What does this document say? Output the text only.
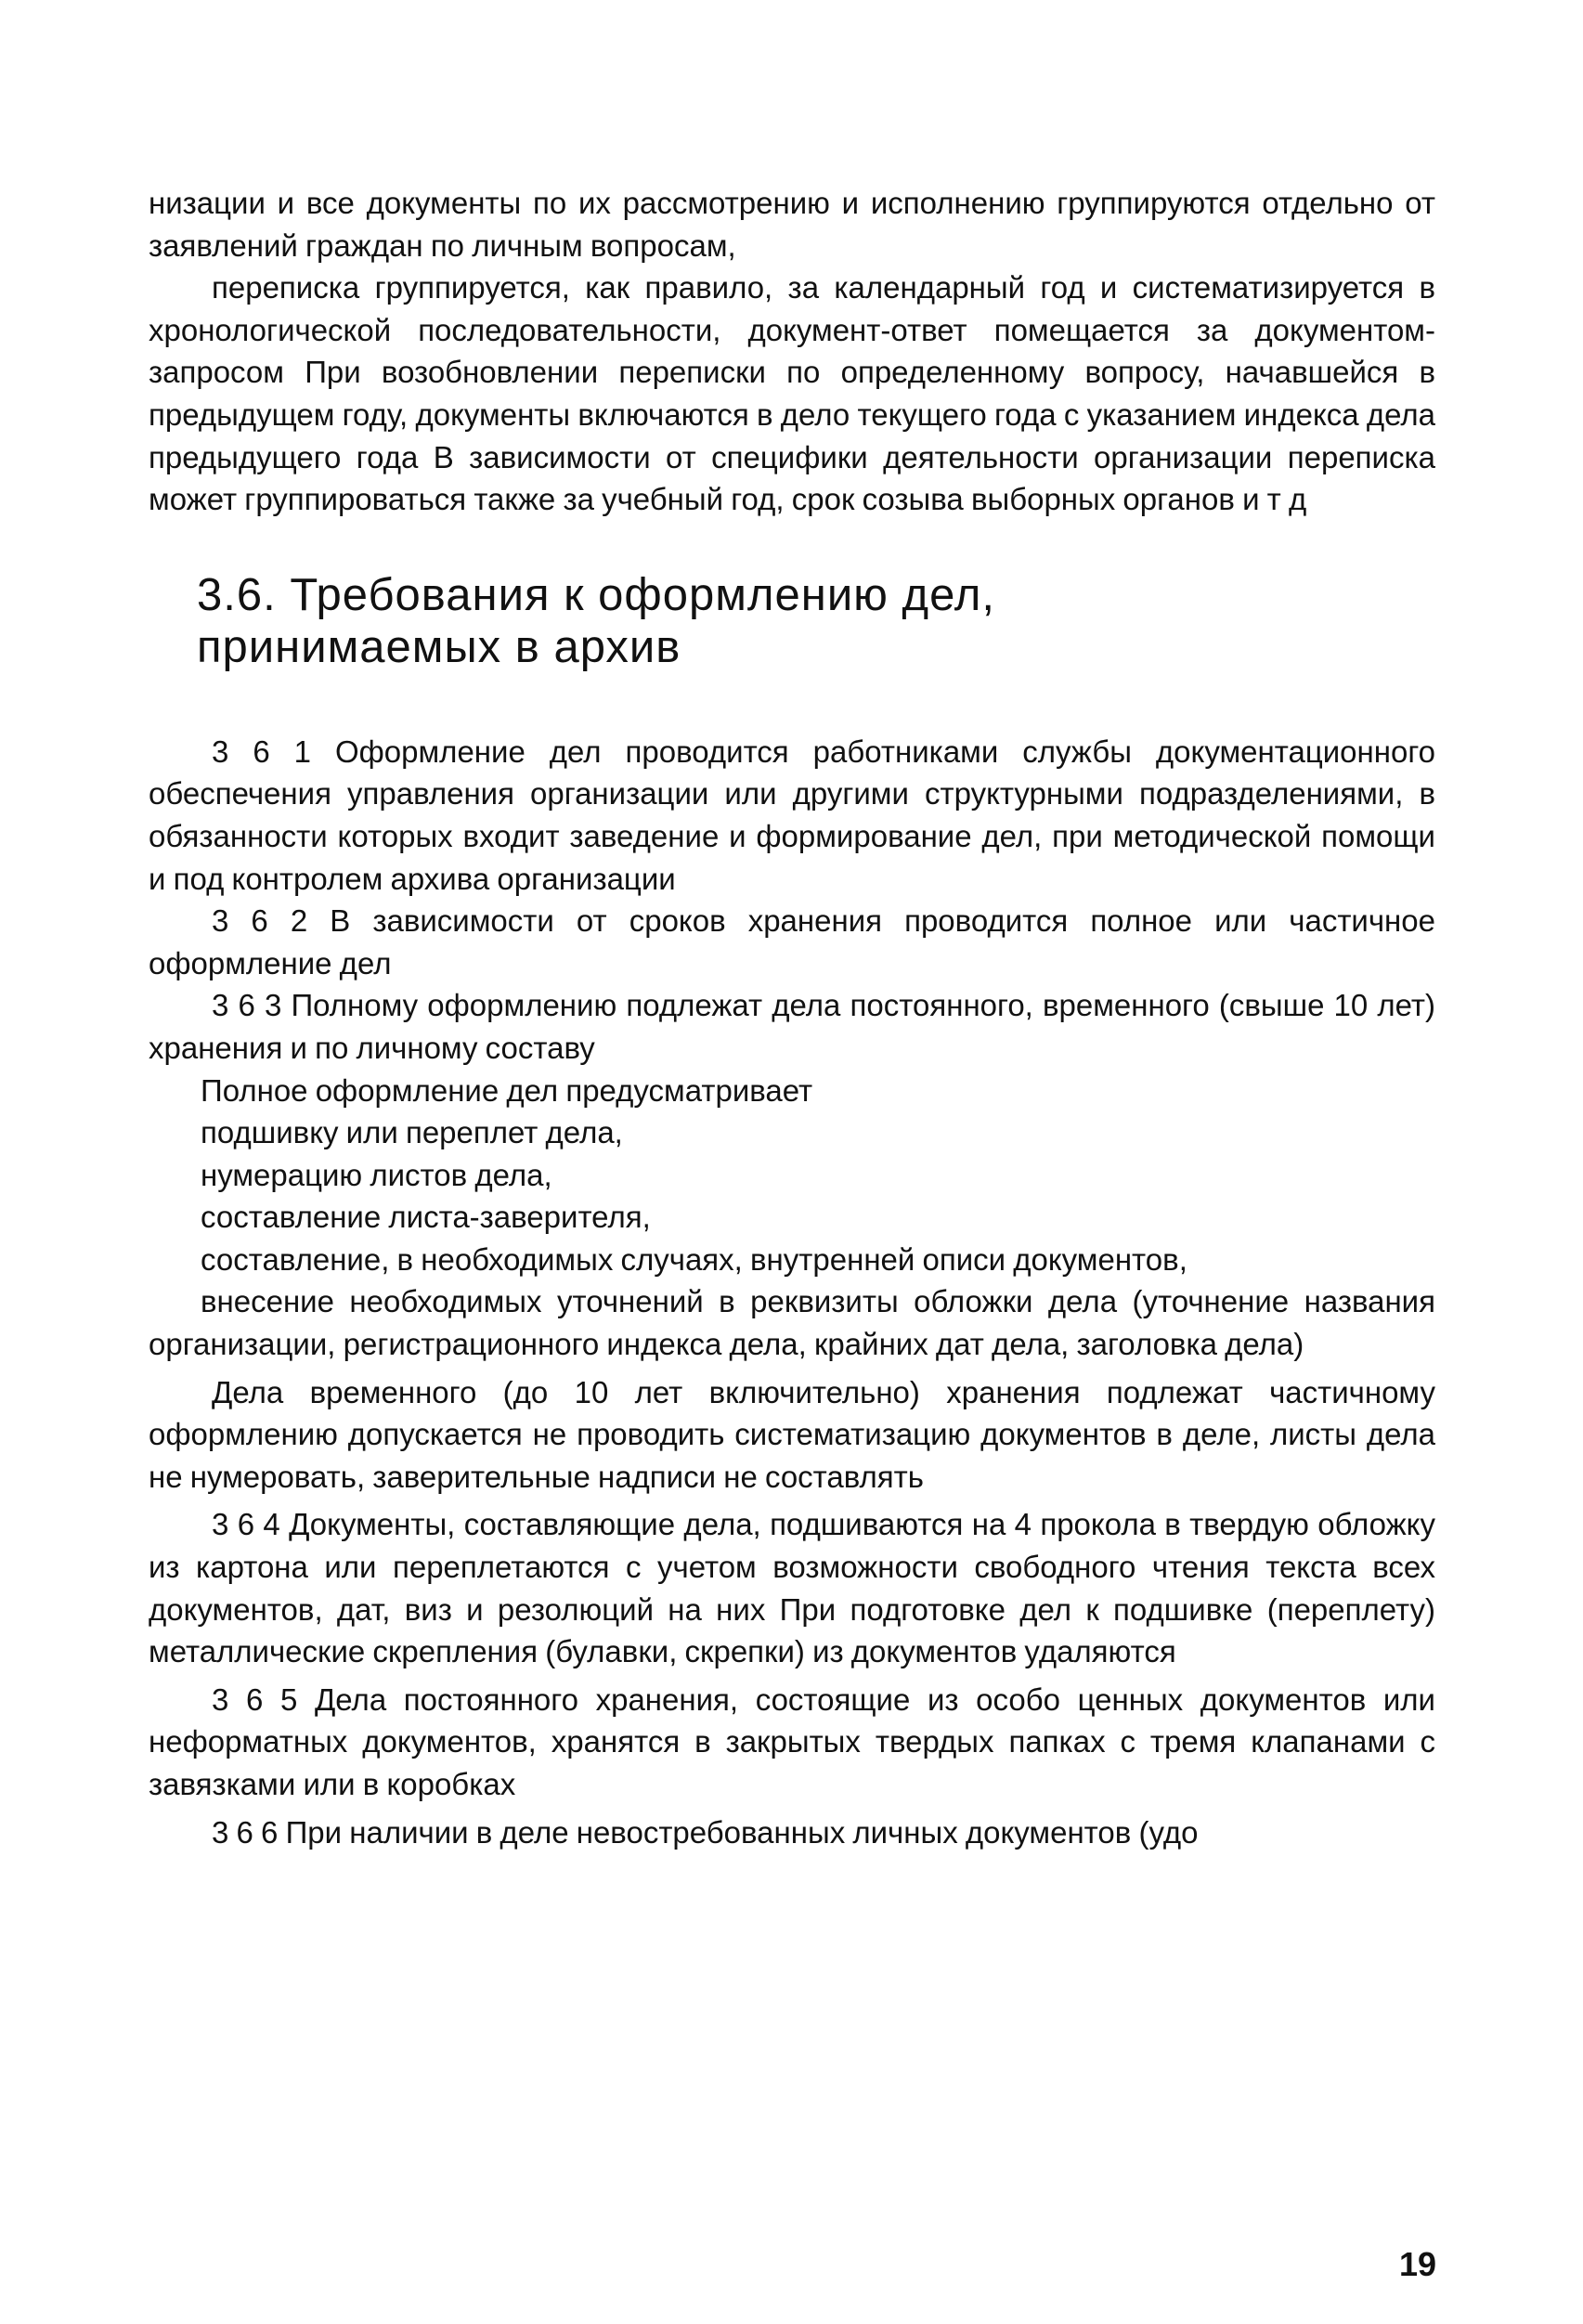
низации и все документы по их рассмотрению и исполнению группируются отдельно от заявлений граждан по личным вопросам,

переписка группируется, как правило, за календарный год и систематизируется в хронологической последовательности, документ-ответ помещается за документом-запросом При возобновлении переписки по определенному вопросу, начавшейся в предыдущем году, документы включаются в дело текущего года с указанием индекса дела предыдущего года В зависимости от специфики деятельности организации переписка может группироваться также за учебный год, срок созыва выборных органов и т д

3.6. Требования к оформлению дел,
принимаемых в архив

3 6 1 Оформление дел проводится работниками службы документационного обеспечения управления организации или другими структурными подразделениями, в обязанности которых входит заведение и формирование дел, при методической помощи и под контролем архива организации

3 6 2 В зависимости от сроков хранения проводится полное или частичное оформление дел

3 6 3 Полному оформлению подлежат дела постоянного, временного (свыше 10 лет) хранения и по личному составу

Полное оформление дел предусматривает

подшивку или переплет дела,

нумерацию листов дела,

составление листа-заверителя,

составление, в необходимых случаях, внутренней описи документов,

внесение необходимых уточнений в реквизиты обложки дела (уточнение названия организации, регистрационного индекса дела, крайних дат дела, заголовка дела)

Дела временного (до 10 лет включительно) хранения подлежат частичному оформлению допускается не проводить систематизацию документов в деле, листы дела не нумеровать, заверительные надписи не составлять

3 6 4 Документы, составляющие дела, подшиваются на 4 прокола в твердую обложку из картона или переплетаются с учетом возможности свободного чтения текста всех документов, дат, виз и резолюций на них При подготовке дел к подшивке (переплету) металлические скрепления (булавки, скрепки) из документов удаляются

3 6 5 Дела постоянного хранения, состоящие из особо ценных документов или неформатных документов, хранятся в закрытых твердых папках с тремя клапанами с завязками или в коробках

3 6 6 При наличии в деле невостребованных личных документов (удо

19
